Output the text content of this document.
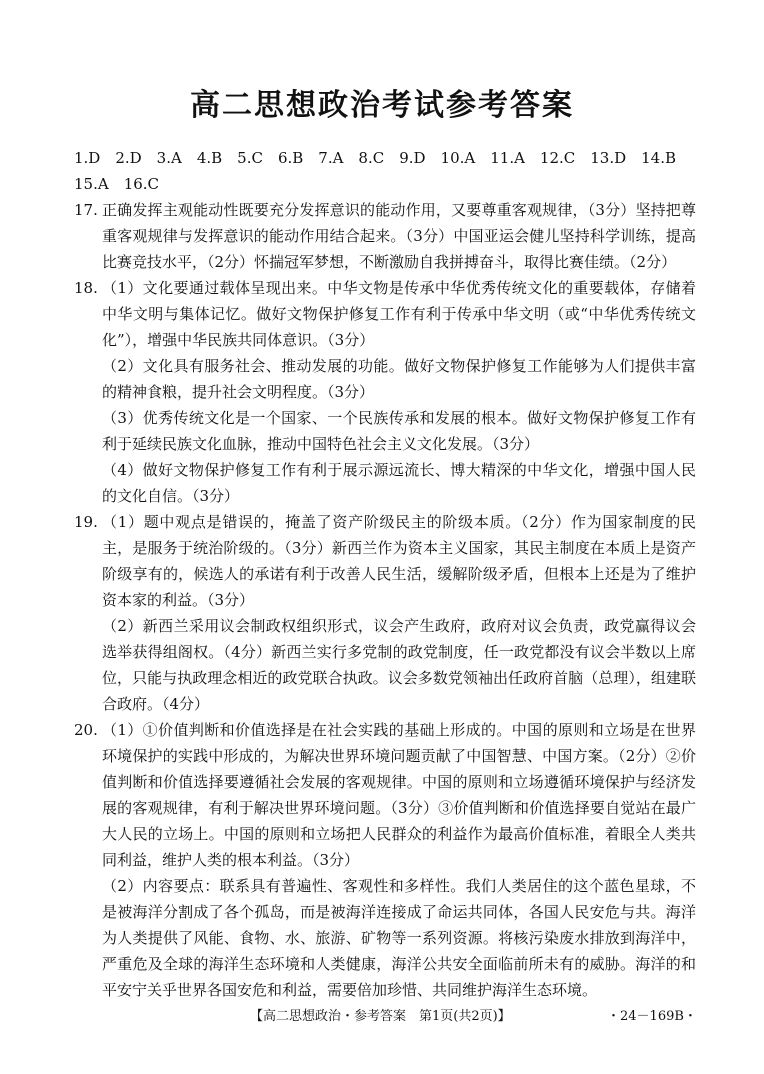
高二思想政治考试参考答案

1.D　2.D　3.A　4.B　5.C　6.B　7.A　8.C　9.D　10.A　11.A　12.C　13.D　14.B

15.A　16.C

17. 正确发挥主观能动性既要充分发挥意识的能动作用，又要尊重客观规律，（3分）坚持把尊重客观规律与发挥意识的能动作用结合起来。（3分）中国亚运会健儿坚持科学训练，提高比赛竞技水平，（2分）怀揣冠军梦想，不断激励自我拼搏奋斗，取得比赛佳绩。（2分）

18. （1）文化要通过载体呈现出来。中华文物是传承中华优秀传统文化的重要载体，存储着中华文明与集体记忆。做好文物保护修复工作有利于传承中华文明（或“中华优秀传统文化”），增强中华民族共同体意识。（3分）

（2）文化具有服务社会、推动发展的功能。做好文物保护修复工作能够为人们提供丰富的精神食粮，提升社会文明程度。（3分）

（3）优秀传统文化是一个国家、一个民族传承和发展的根本。做好文物保护修复工作有利于延续民族文化血脉，推动中国特色社会主义文化发展。（3分）

（4）做好文物保护修复工作有利于展示源远流长、博大精深的中华文化，增强中国人民的文化自信。（3分）

19. （1）题中观点是错误的，掩盖了资产阶级民主的阶级本质。（2分）作为国家制度的民主，是服务于统治阶级的。（3分）新西兰作为资本主义国家，其民主制度在本质上是资产阶级享有的，候选人的承诺有利于改善人民生活，缓解阶级矛盾，但根本上还是为了维护资本家的利益。（3分）

（2）新西兰采用议会制政权组织形式，议会产生政府，政府对议会负责，政党赢得议会选举获得组阁权。（4分）新西兰实行多党制的政党制度，任一政党都没有议会半数以上席位，只能与执政理念相近的政党联合执政。议会多数党领袖出任政府首脑（总理），组建联合政府。（4分）

20. （1）①价值判断和价值选择是在社会实践的基础上形成的。中国的原则和立场是在世界环境保护的实践中形成的，为解决世界环境问题贡献了中国智慧、中国方案。（2分）②价值判断和价值选择要遵循社会发展的客观规律。中国的原则和立场遵循环境保护与经济发展的客观规律，有利于解决世界环境问题。（3分）③价值判断和价值选择要自觉站在最广大人民的立场上。中国的原则和立场把人民群众的利益作为最高价值标准，着眼全人类共同利益，维护人类的根本利益。（3分）

（2）内容要点：联系具有普遍性、客观性和多样性。我们人类居住的这个蓝色星球，不是被海洋分割成了各个孤岛，而是被海洋连接成了命运共同体，各国人民安危与共。海洋为人类提供了风能、食物、水、旅游、矿物等一系列资源。将核污染废水排放到海洋中，严重危及全球的海洋生态环境和人类健康，海洋公共安全面临前所未有的威胁。海洋的和平安宁关乎世界各国安危和利益，需要倍加珍惜、共同维护海洋生态环境。

【高二思想政治・参考答案　第1页(共2页)】	・24－169B・
